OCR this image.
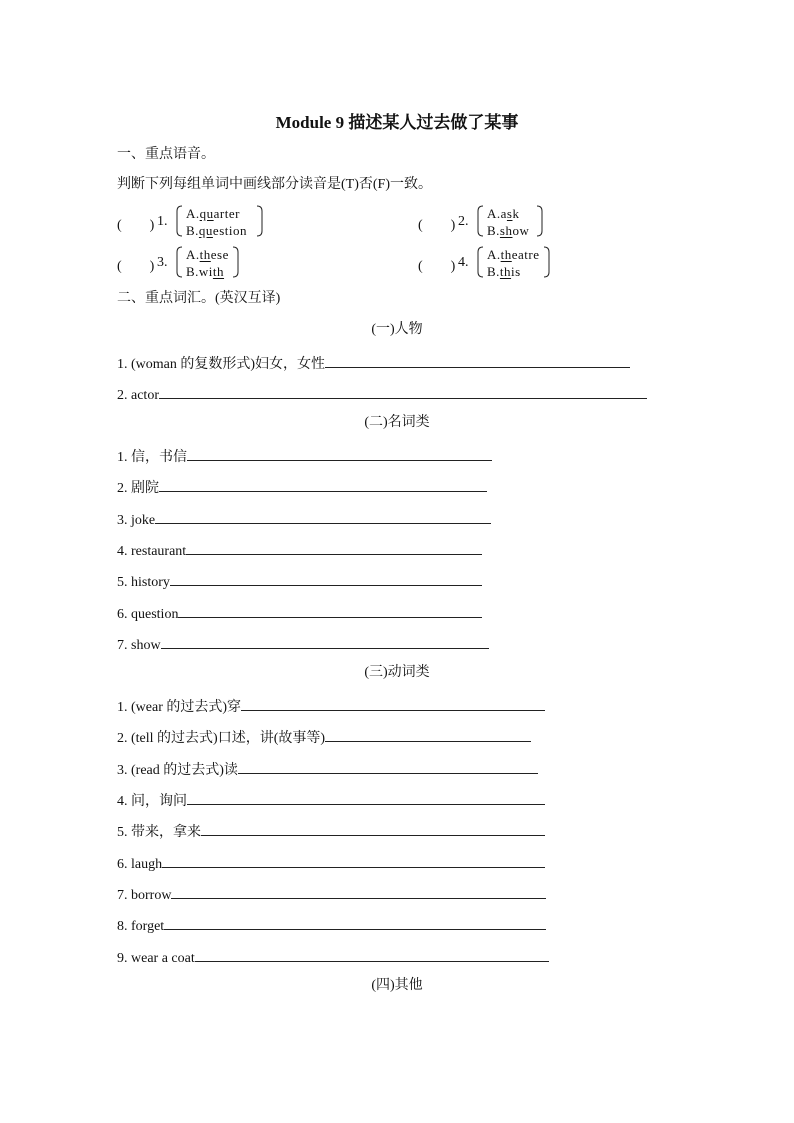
Module 9 描述某人过去做了某事
一、重点语音。
判断下列每组单词中画线部分读音是(T)否(F)一致。
(　　) 1.
A.quarter
B.question	(　　) 2.
A.ask
B.show
(　　) 3.
A.these
B.with	(　　) 4.
A.theatre
B.this
二、重点词汇。(英汉互译)
(一)人物
1. (woman 的复数形式)妇女，女性
2. actor
(二)名词类
1. 信，书信
2. 剧院
3. joke
4. restaurant
5. history
6. question
7. show
(三)动词类
1. (wear 的过去式)穿
2. (tell 的过去式)口述，讲(故事等)
3. (read 的过去式)读
4. 问，询问
5. 带来，拿来
6. laugh
7. borrow
8. forget
9. wear a coat
(四)其他
